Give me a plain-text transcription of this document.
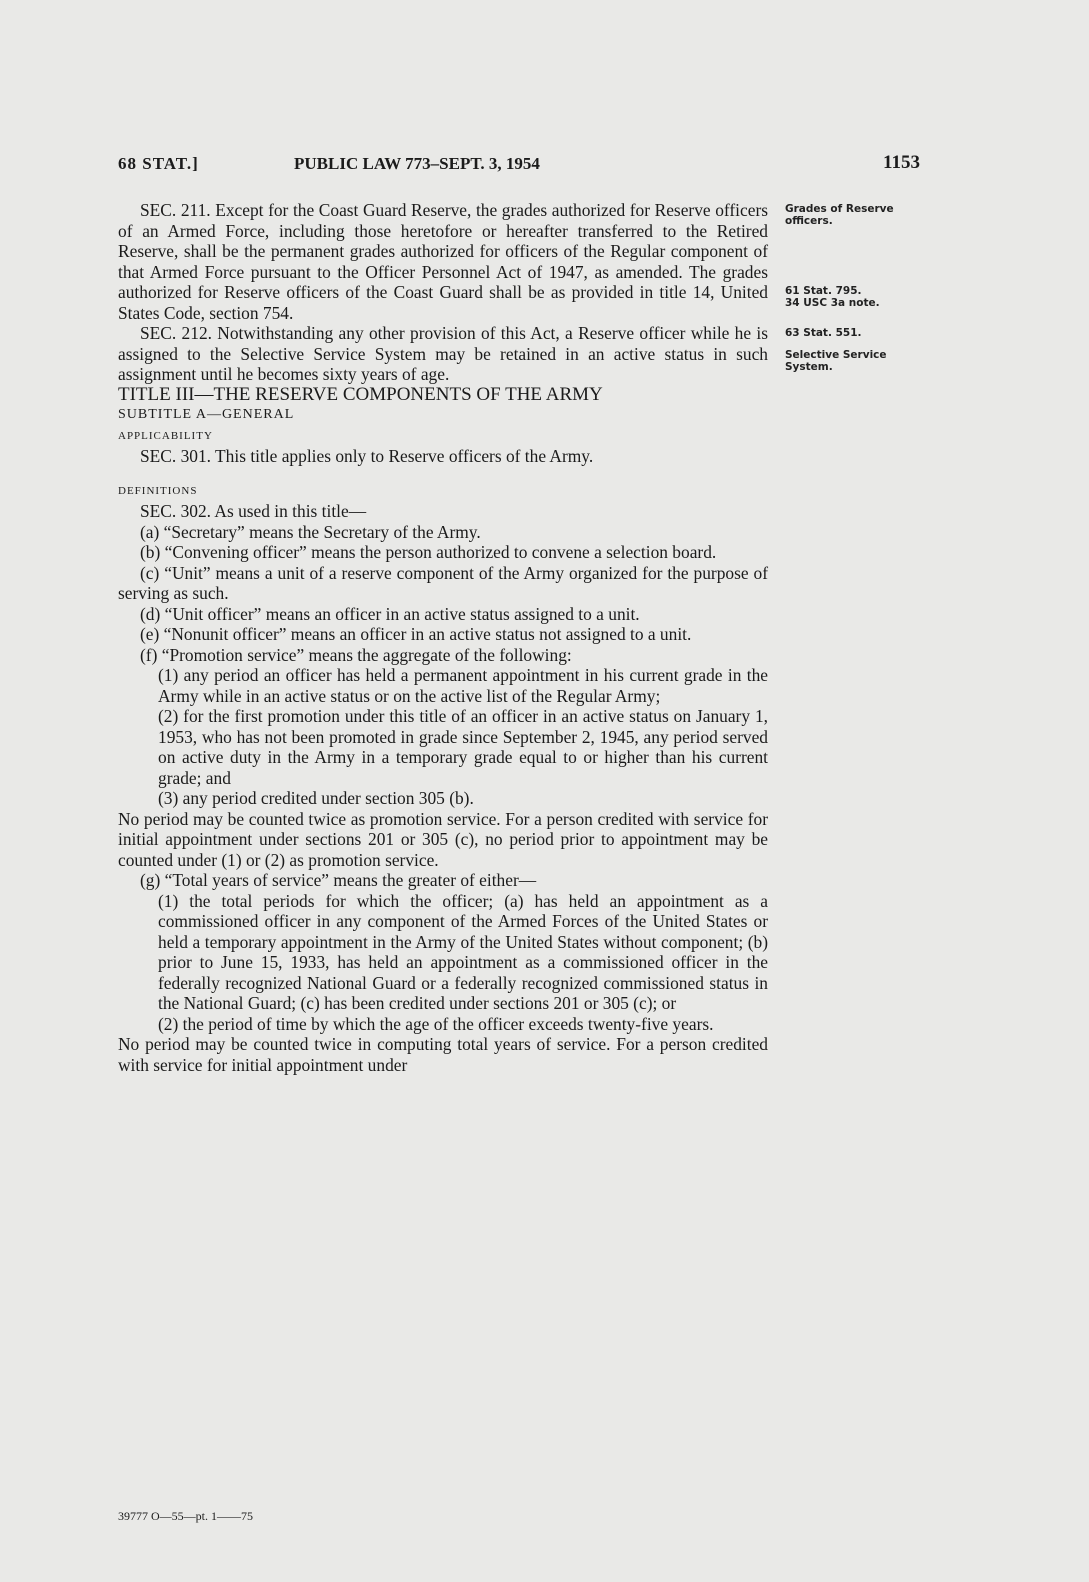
68 STAT.]	PUBLIC LAW 773–SEPT. 3, 1954	1153
Grades of Reserve officers.
61 Stat. 795.
34 USC 3a note.
63 Stat. 551.
Selective Service System.

SEC. 211. Except for the Coast Guard Reserve, the grades authorized for Reserve officers of an Armed Force, including those heretofore or hereafter transferred to the Retired Reserve, shall be the permanent grades authorized for officers of the Regular component of that Armed Force pursuant to the Officer Personnel Act of 1947, as amended. The grades authorized for Reserve officers of the Coast Guard shall be as provided in title 14, United States Code, section 754.

SEC. 212. Notwithstanding any other provision of this Act, a Reserve officer while he is assigned to the Selective Service System may be retained in an active status in such assignment until he becomes sixty years of age.

TITLE III—THE RESERVE COMPONENTS OF THE ARMY

SUBTITLE A—GENERAL

APPLICABILITY

SEC. 301. This title applies only to Reserve officers of the Army.

DEFINITIONS

SEC. 302. As used in this title—

(a) “Secretary” means the Secretary of the Army.

(b) “Convening officer” means the person authorized to convene a selection board.

(c) “Unit” means a unit of a reserve component of the Army organized for the purpose of serving as such.

(d) “Unit officer” means an officer in an active status assigned to a unit.

(e) “Nonunit officer” means an officer in an active status not assigned to a unit.

(f) “Promotion service” means the aggregate of the following:

(1) any period an officer has held a permanent appointment in his current grade in the Army while in an active status or on the active list of the Regular Army;

(2) for the first promotion under this title of an officer in an active status on January 1, 1953, who has not been promoted in grade since September 2, 1945, any period served on active duty in the Army in a temporary grade equal to or higher than his current grade; and

(3) any period credited under section 305 (b).

No period may be counted twice as promotion service. For a person credited with service for initial appointment under sections 201 or 305 (c), no period prior to appointment may be counted under (1) or (2) as promotion service.

(g) “Total years of service” means the greater of either—

(1) the total periods for which the officer; (a) has held an appointment as a commissioned officer in any component of the Armed Forces of the United States or held a temporary appointment in the Army of the United States without component; (b) prior to June 15, 1933, has held an appointment as a commissioned officer in the federally recognized National Guard or a federally recognized commissioned status in the National Guard; (c) has been credited under sections 201 or 305 (c); or

(2) the period of time by which the age of the officer exceeds twenty-five years.

No period may be counted twice in computing total years of service. For a person credited with service for initial appointment under

39777 O—55—pt. 1——75
